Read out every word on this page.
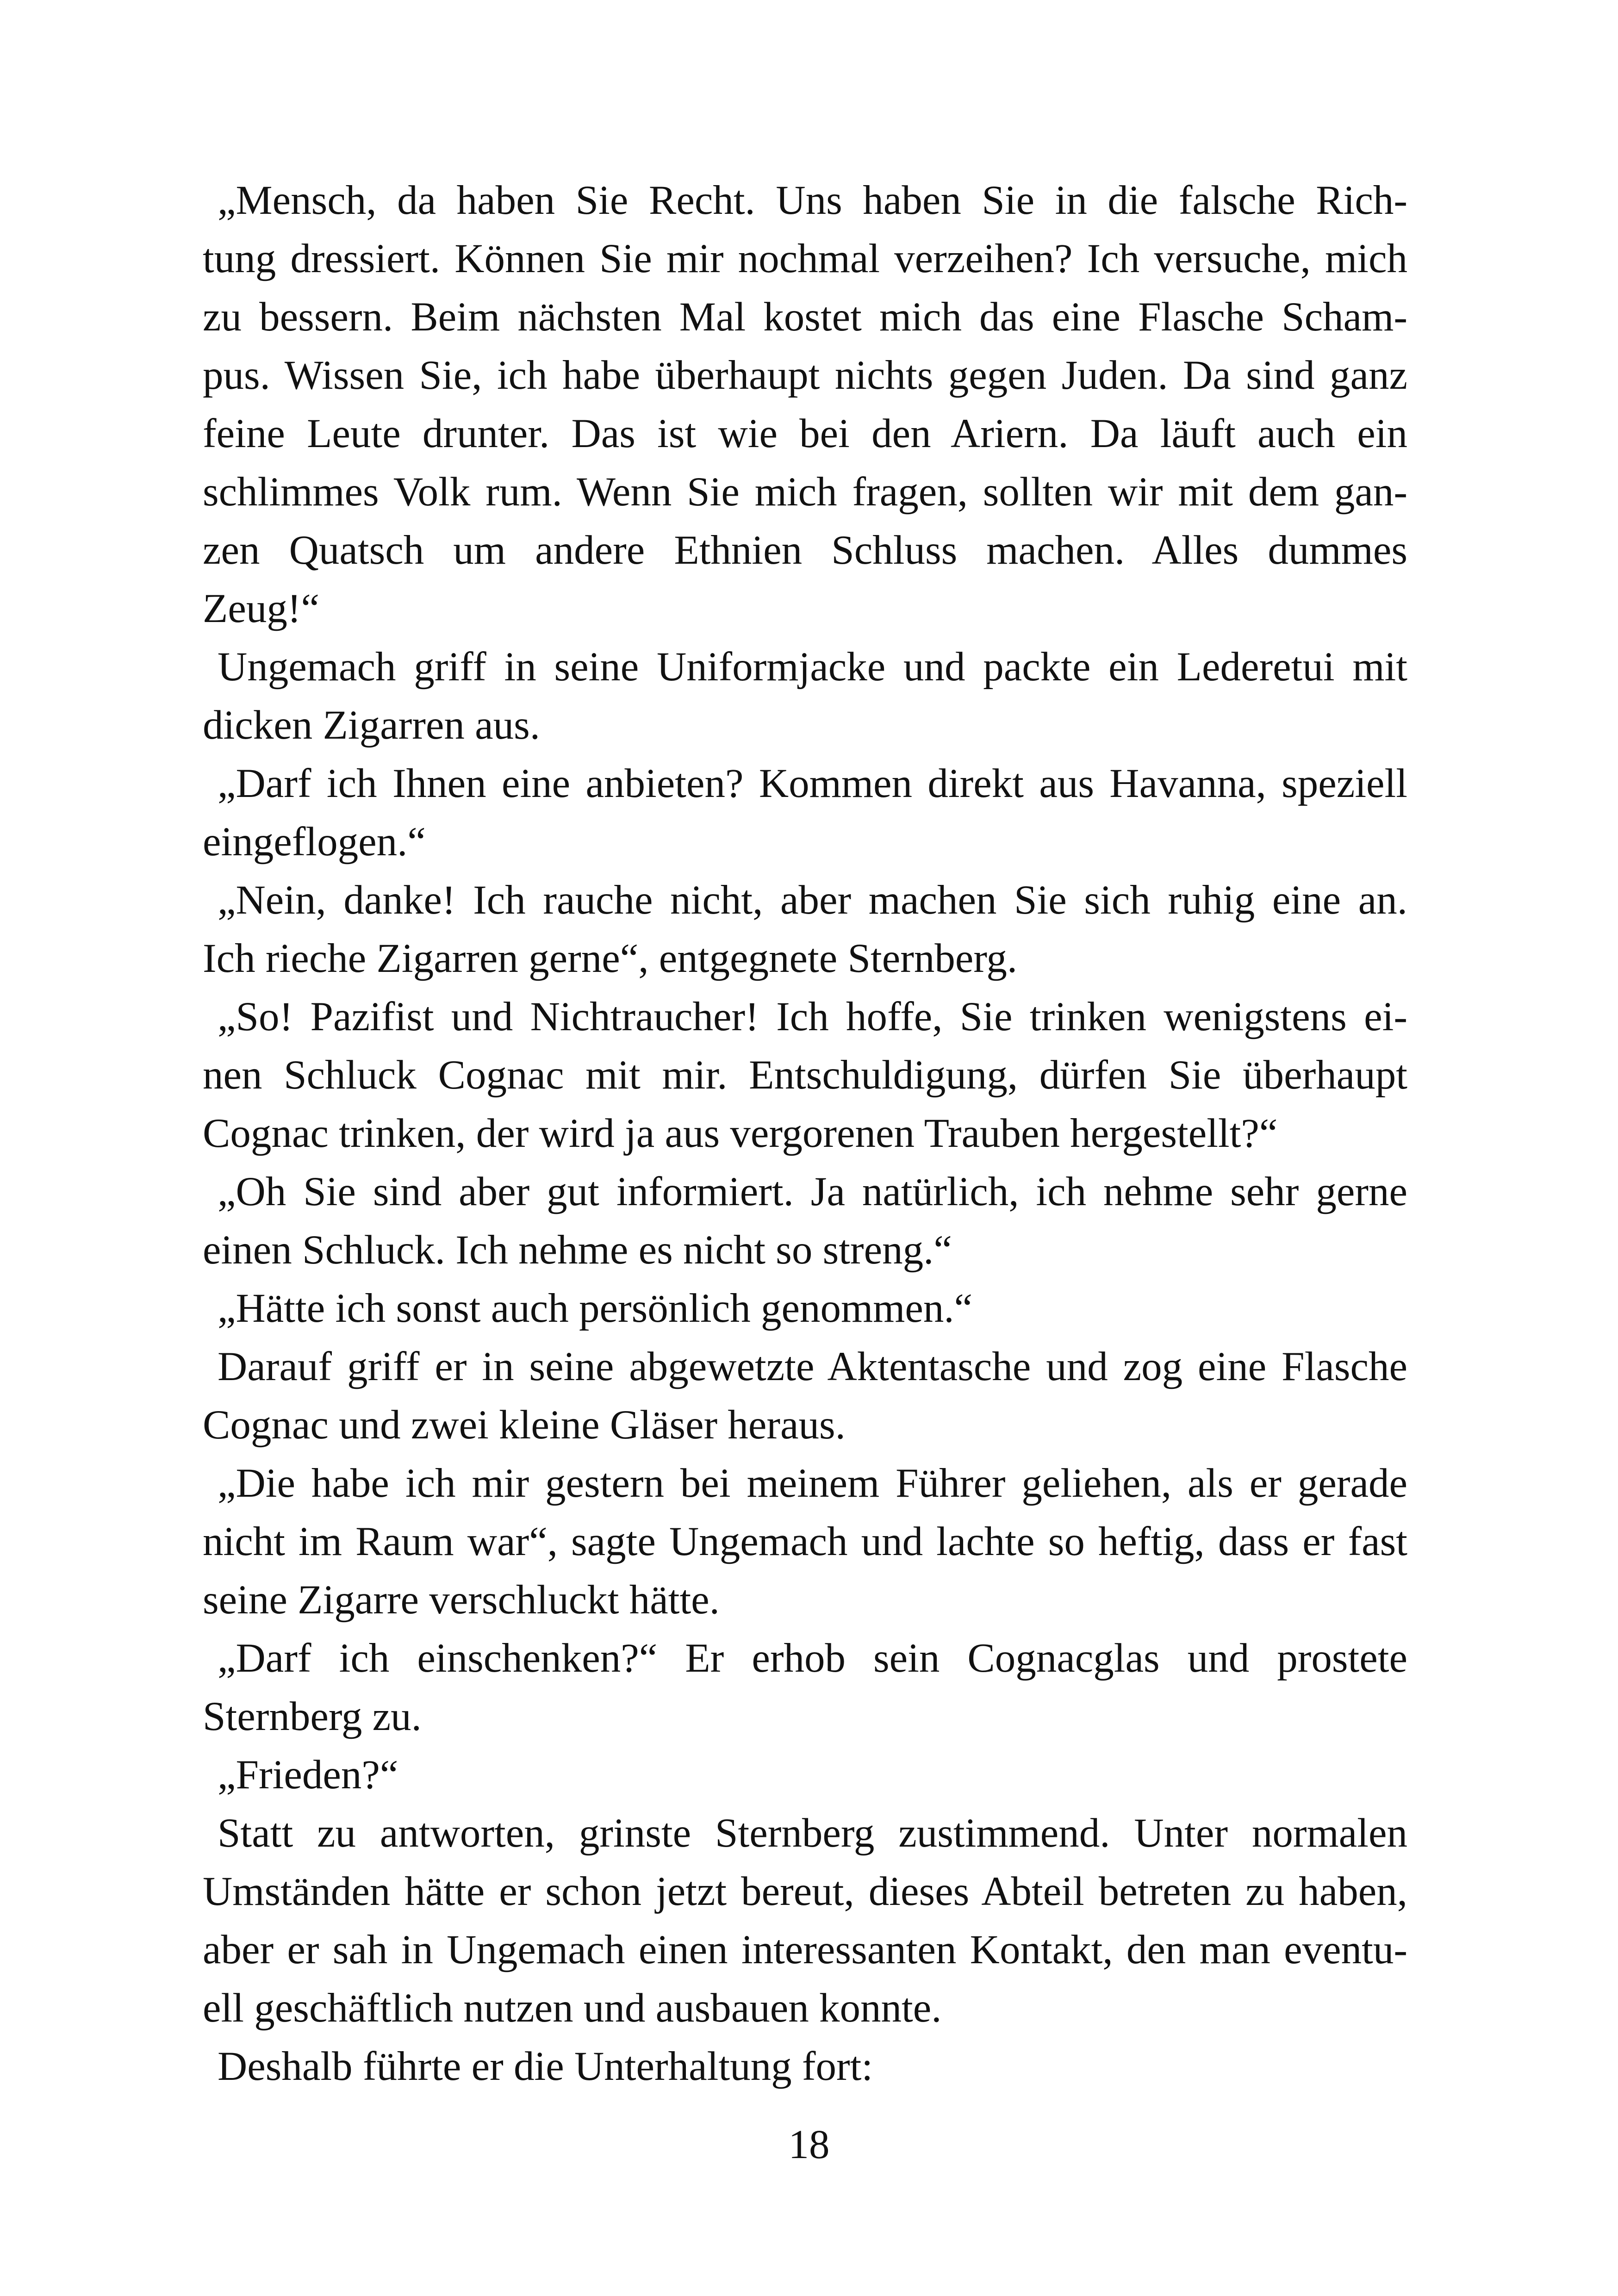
„Mensch, da haben Sie Recht. Uns haben Sie in die falsche Rich-
tung dressiert. Können Sie mir nochmal verzeihen? Ich versuche, mich
zu bessern. Beim nächsten Mal kostet mich das eine Flasche Scham-
pus. Wissen Sie, ich habe überhaupt nichts gegen Juden. Da sind ganz
feine Leute drunter. Das ist wie bei den Ariern. Da läuft auch ein
schlimmes Volk rum. Wenn Sie mich fragen, sollten wir mit dem gan-
zen Quatsch um andere Ethnien Schluss machen. Alles dummes
Zeug!“
Ungemach griff in seine Uniformjacke und packte ein Lederetui mit
dicken Zigarren aus.
„Darf ich Ihnen eine anbieten? Kommen direkt aus Havanna, speziell
eingeflogen.“
„Nein, danke! Ich rauche nicht, aber machen Sie sich ruhig eine an.
Ich rieche Zigarren gerne“, entgegnete Sternberg.
„So! Pazifist und Nichtraucher! Ich hoffe, Sie trinken wenigstens ei-
nen Schluck Cognac mit mir. Entschuldigung, dürfen Sie überhaupt
Cognac trinken, der wird ja aus vergorenen Trauben hergestellt?“
„Oh Sie sind aber gut informiert. Ja natürlich, ich nehme sehr gerne
einen Schluck. Ich nehme es nicht so streng.“
„Hätte ich sonst auch persönlich genommen.“
Darauf griff er in seine abgewetzte Aktentasche und zog eine Flasche
Cognac und zwei kleine Gläser heraus.
„Die habe ich mir gestern bei meinem Führer geliehen, als er gerade
nicht im Raum war“, sagte Ungemach und lachte so heftig, dass er fast
seine Zigarre verschluckt hätte.
„Darf ich einschenken?“ Er erhob sein Cognacglas und prostete
Sternberg zu.
„Frieden?“
Statt zu antworten, grinste Sternberg zustimmend. Unter normalen
Umständen hätte er schon jetzt bereut, dieses Abteil betreten zu haben,
aber er sah in Ungemach einen interessanten Kontakt, den man eventu-
ell geschäftlich nutzen und ausbauen konnte.
Deshalb führte er die Unterhaltung fort:
18
